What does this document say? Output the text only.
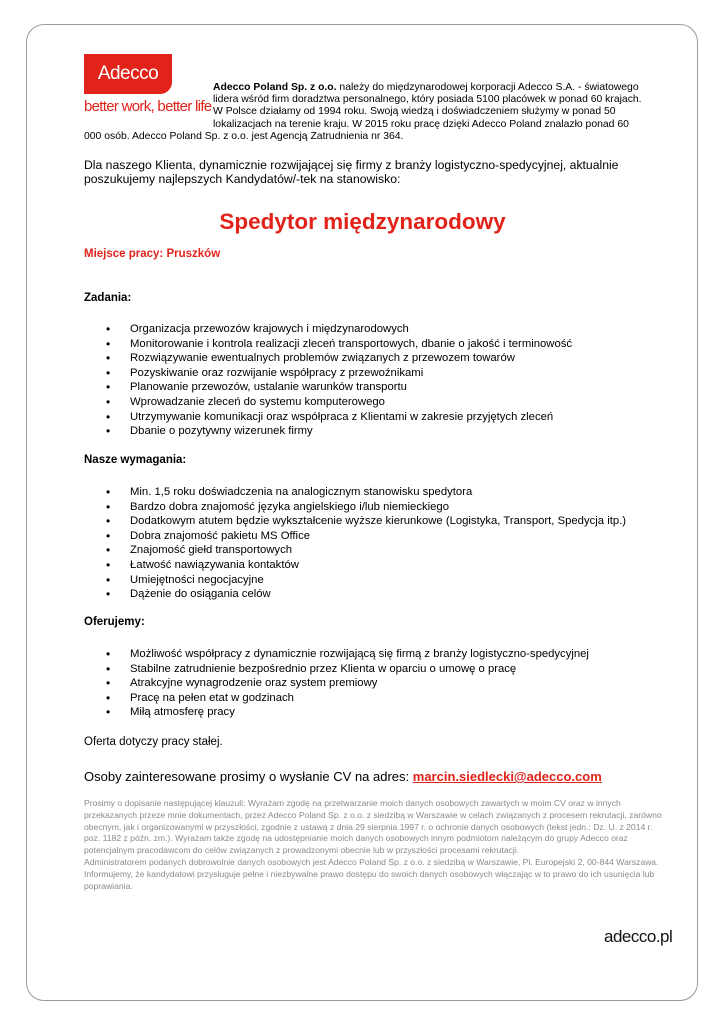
Adecco
better work, better life
Adecco Poland Sp. z o.o. należy do międzynarodowej korporacji Adecco S.A. - światowego lidera wśród firm doradztwa personalnego, który posiada 5100 placówek w ponad 60 krajach. W Polsce działamy od 1994 roku. Swoją wiedzą i doświadczeniem służymy w ponad 50 lokalizacjach na terenie kraju. W 2015 roku pracę dzięki Adecco Poland znalazło ponad 60 000 osób. Adecco Poland Sp. z o.o. jest Agencją Zatrudnienia nr 364.
Dla naszego Klienta, dynamicznie rozwijającej się firmy z branży logistyczno-spedycyjnej, aktualnie poszukujemy najlepszych Kandydatów/-tek na stanowisko:
Spedytor międzynarodowy
Miejsce pracy: Pruszków
Zadania:
• Organizacja przewozów krajowych i międzynarodowych
• Monitorowanie i kontrola realizacji zleceń transportowych, dbanie o jakość i terminowość
• Rozwiązywanie ewentualnych problemów związanych z przewozem towarów
• Pozyskiwanie oraz rozwijanie współpracy z przewoźnikami
• Planowanie przewozów, ustalanie warunków transportu
• Wprowadzanie zleceń do systemu komputerowego
• Utrzymywanie komunikacji oraz współpraca z Klientami w zakresie przyjętych zleceń
• Dbanie o pozytywny wizerunek firmy
Nasze wymagania:
• Min. 1,5 roku doświadczenia na analogicznym stanowisku spedytora
• Bardzo dobra znajomość języka angielskiego i/lub niemieckiego
• Dodatkowym atutem będzie wykształcenie wyższe kierunkowe (Logistyka, Transport, Spedycja itp.)
• Dobra znajomość pakietu MS Office
• Znajomość giełd transportowych
• Łatwość nawiązywania kontaktów
• Umiejętności negocjacyjne
• Dążenie do osiągania celów
Oferujemy:
• Możliwość współpracy z dynamicznie rozwijającą się firmą z branży logistyczno-spedycyjnej
• Stabilne zatrudnienie bezpośrednio przez Klienta w oparciu o umowę o pracę
• Atrakcyjne wynagrodzenie oraz system premiowy
• Pracę na pełen etat w godzinach
• Miłą atmosferę pracy
Oferta dotyczy pracy stałej.
Osoby zainteresowane prosimy o wysłanie CV na adres: marcin.siedlecki@adecco.com

Prosimy o dopisanie następującej klauzuli: Wyrażam zgodę na przetwarzanie moich danych osobowych zawartych w moim CV oraz w innych przekazanych przeze mnie dokumentach, przez Adecco Poland Sp. z o.o. z siedzibą w Warszawie w celach związanych z procesem rekrutacji, zarówno obecnym, jak i organizowanymi w przyszłości, zgodnie z ustawą z dnia 29 sierpnia 1997 r. o ochronie danych osobowych (tekst jedn.: Dz. U. z 2014 r. poz. 1182 z późn. zm.). Wyrażam także zgodę na udostępnianie moich danych osobowych innym podmiotom należącym do grupy Adecco oraz potencjalnym pracodawcom do celów związanych z prowadzonymi obecnie lub w przyszłości procesami rekrutacji.

Administratorem podanych dobrowolnie danych osobowych jest Adecco Poland Sp. z o.o. z siedzibą w Warszawie, Pl. Europejski 2, 00-844 Warszawa. Informujemy, że kandydatowi przysługuje pełne i niezbywalne prawo dostępu do swoich danych osobowych włączając w to prawo do ich usunięcia lub poprawiania.

adecco.pl
